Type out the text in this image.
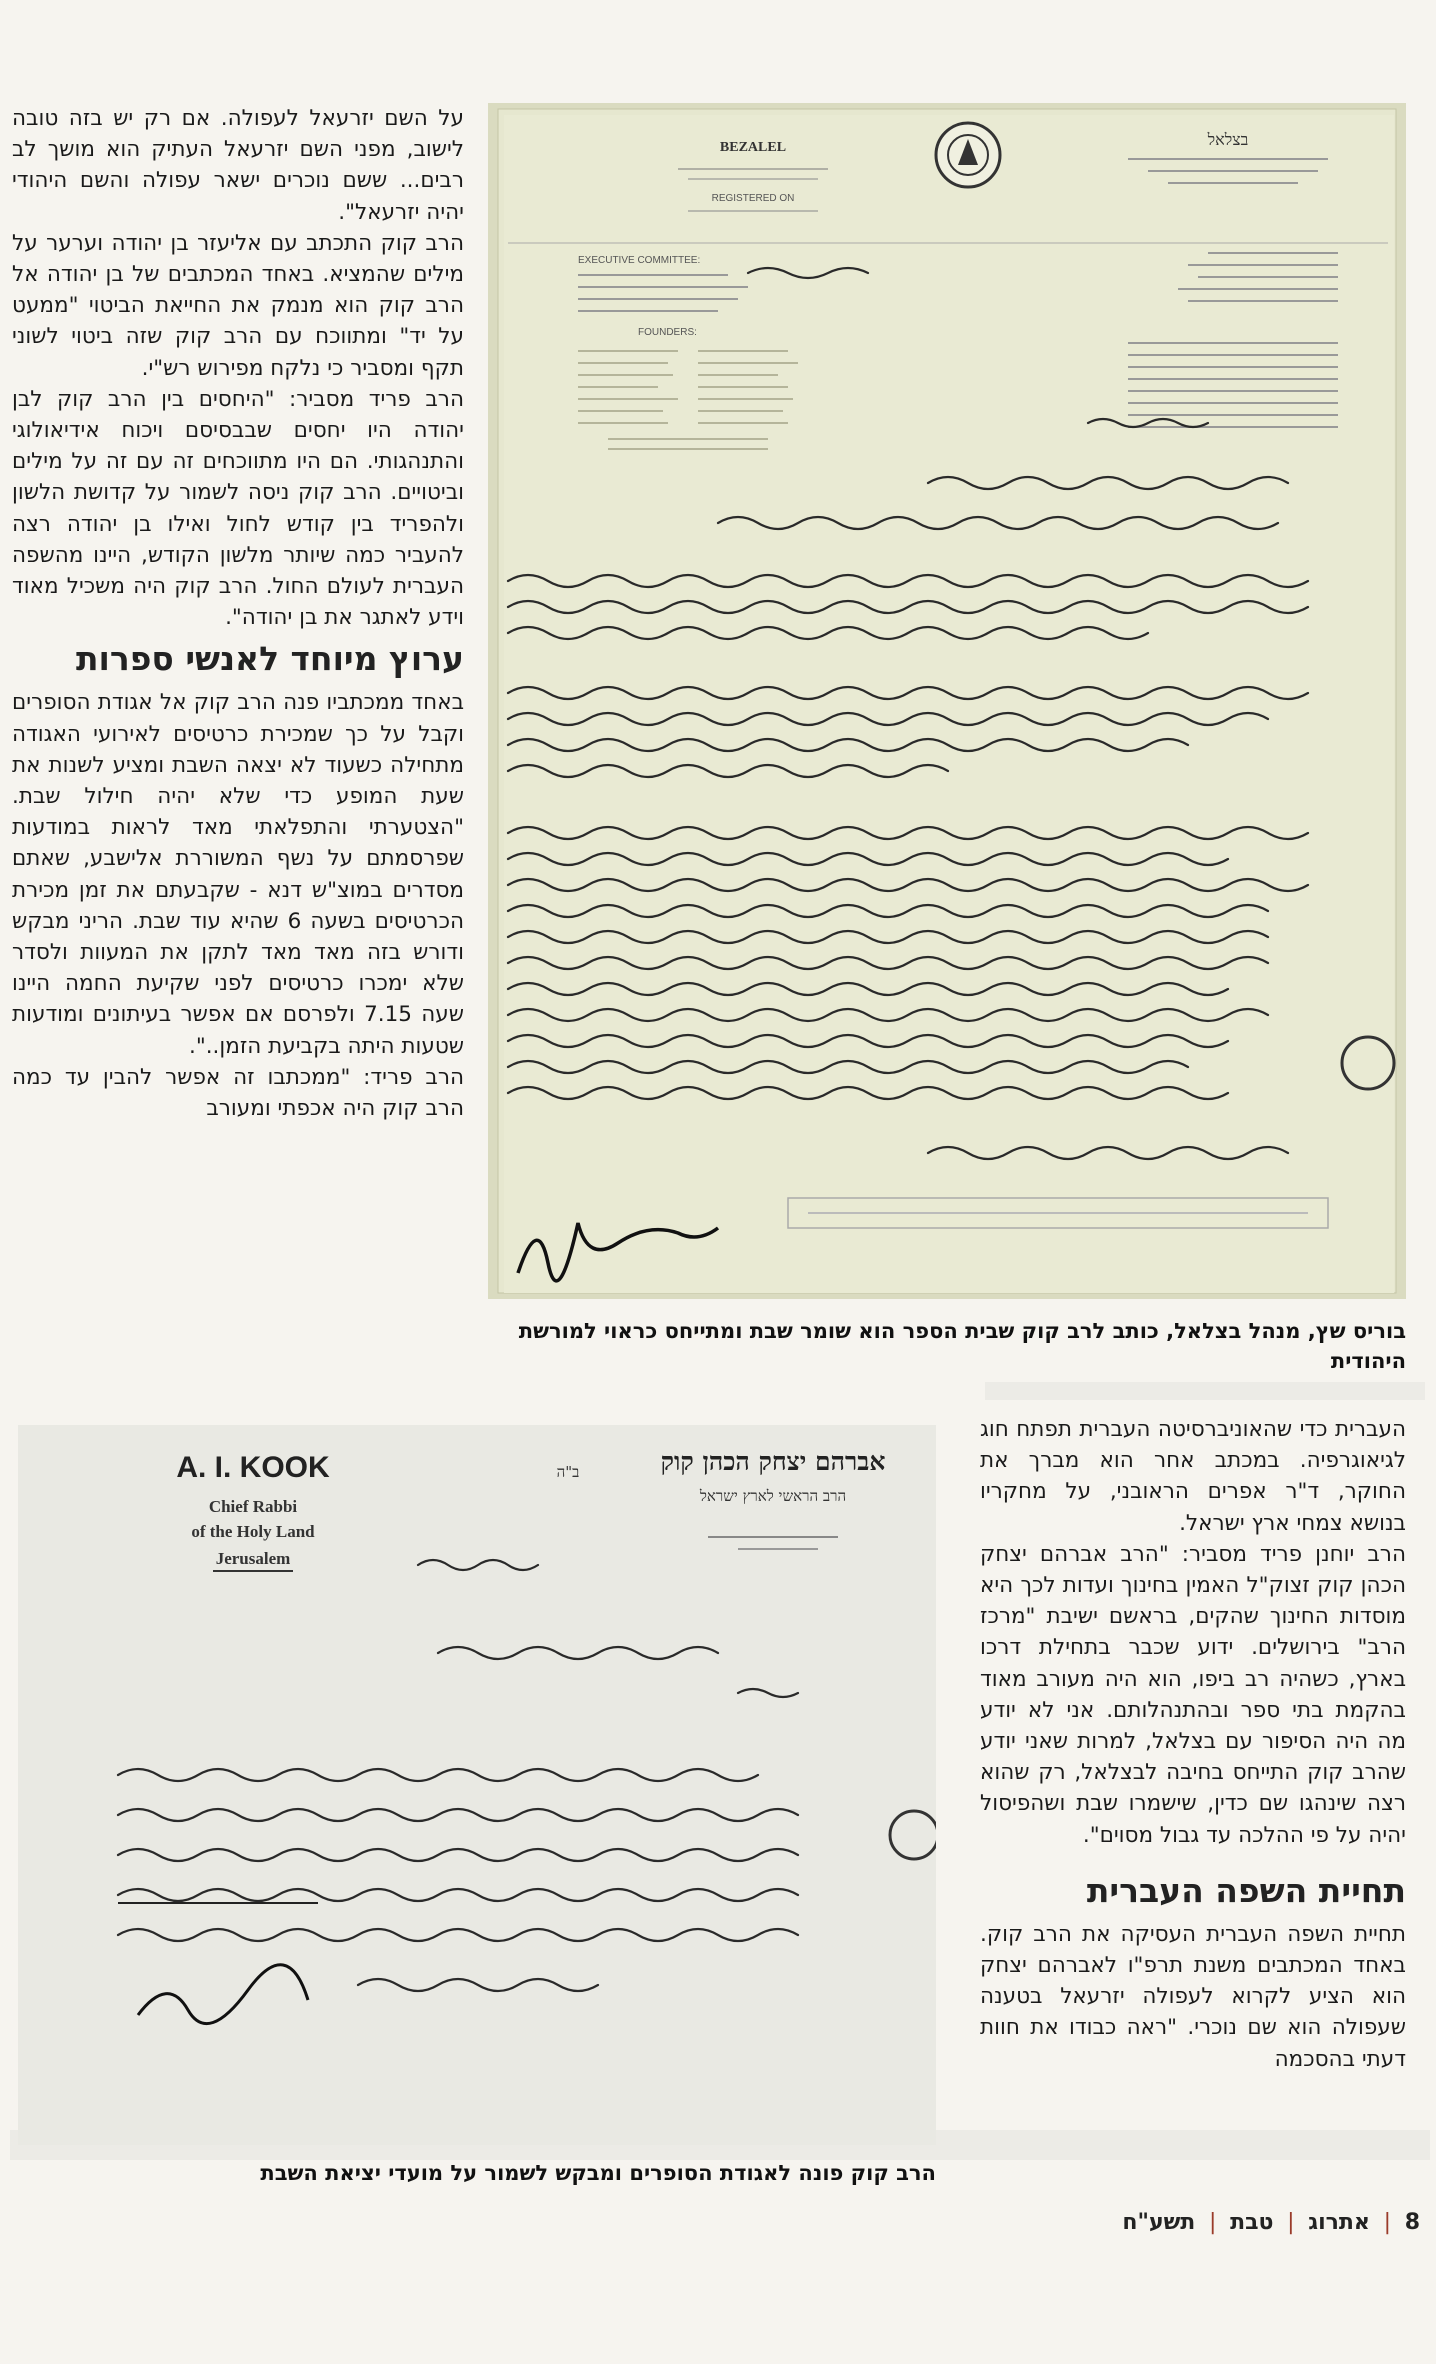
על השם יזרעאל לעפולה. אם רק יש בזה טובה לישוב, מפני השם יזרעאל העתיק הוא מושך לב רבים... ששם נוכרים ישאר עפולה והשם היהודי יהיה יזרעאל".

הרב קוק התכתב עם אליעזר בן יהודה וערער על מילים שהמציא. באחד המכתבים של בן יהודה אל הרב קוק הוא מנמק את החייאת הביטוי "ממעט על יד" ומתווכח עם הרב קוק שזה ביטוי לשוני תקף ומסביר כי נלקח מפירוש רש"י.

הרב פריד מסביר: "היחסים בין הרב קוק לבן יהודה היו יחסים שבבסיסם ויכוח אידיאולוגי והתנהגותי. הם היו מתווכחים זה עם זה על מילים וביטויים. הרב קוק ניסה לשמור על קדושת הלשון ולהפריד בין קודש לחול ואילו בן יהודה רצה להעביר כמה שיותר מלשון הקודש, היינו מהשפה העברית לעולם החול. הרב קוק היה משכיל מאוד וידע לאתגר את בן יהודה".

ערוץ מיוחד לאנשי ספרות

באחד ממכתביו פנה הרב קוק אל אגודת הסופרים וקבל על כך שמכירת כרטיסים לאירועי האגודה מתחילה כשעוד לא יצאה השבת ומציע לשנות את שעת המופע כדי שלא יהיה חילול שבת. "הצטערתי והתפלאתי מאד לראות במודעות שפרסמתם על נשף המשוררת אלישבע, שאתם מסדרים במוצ"ש דנא - שקבעתם את זמן מכירת הכרטיסים בשעה 6 שהיא עוד שבת. הריני מבקש ודורש בזה מאד מאד לתקן את המעוות ולסדר שלא ימכרו כרטיסים לפני שקיעת החמה היינו שעה 7.15 ולפרסם אם אפשר בעיתונים ומודעות שטעות היתה בקביעת הזמן..".

הרב פריד: "ממכתבו זה אפשר להבין עד כמה הרב קוק היה אכפתי ומעורב

BEZALEL
REGISTERED ON
EXECUTIVE COMMITTEE:
FOUNDERS:
בצלאל
בוריס שץ, מנהל בצלאל, כותב לרב קוק שבית הספר הוא שומר שבת ומתייחס כראוי למורשת היהודית

העברית כדי שהאוניברסיטה העברית תפתח חוג לגיאוגרפיה. במכתב אחר הוא מברך את החוקר, ד"ר אפרים הראובני, על מחקריו בנושא צמחי ארץ ישראל.

הרב יוחנן פריד מסביר: "הרב אברהם יצחק הכהן קוק זצוק"ל האמין בחינוך ועדות לכך היא מוסדות החינוך שהקים, בראשם ישיבת "מרכז הרב" בירושלים. ידוע שכבר בתחילת דרכו בארץ, כשהיה רב ביפו, הוא היה מעורב מאוד בהקמת בתי ספר ובהתנהלותם. אני לא יודע מה היה הסיפור עם בצלאל, למרות שאני יודע שהרב קוק התייחס בחיבה לבצלאל, רק שהוא רצה שינהגו שם כדין, שישמרו שבת ושהפיסול יהיה על פי ההלכה עד גבול מסוים".

תחיית השפה העברית

תחיית השפה העברית העסיקה את הרב קוק. באחד המכתבים משנת תרפ"ו לאברהם יצחק הוא הציע לקרוא לעפולה יזרעאל בטענה שעפולה הוא שם נוכרי. "ראה כבודו את חוות דעתי בהסכמה

A. I. KOOK
Chief Rabbi
of the Holy Land
Jerusalem
ב"ה	אברהם יצחק הכהן קוק
הרב הראשי לארץ ישראל
הרב קוק פונה לאגודת הסופרים ומבקש לשמור על מועדי יציאת השבת
8 | אתרוג | טבת | תשע"ח
